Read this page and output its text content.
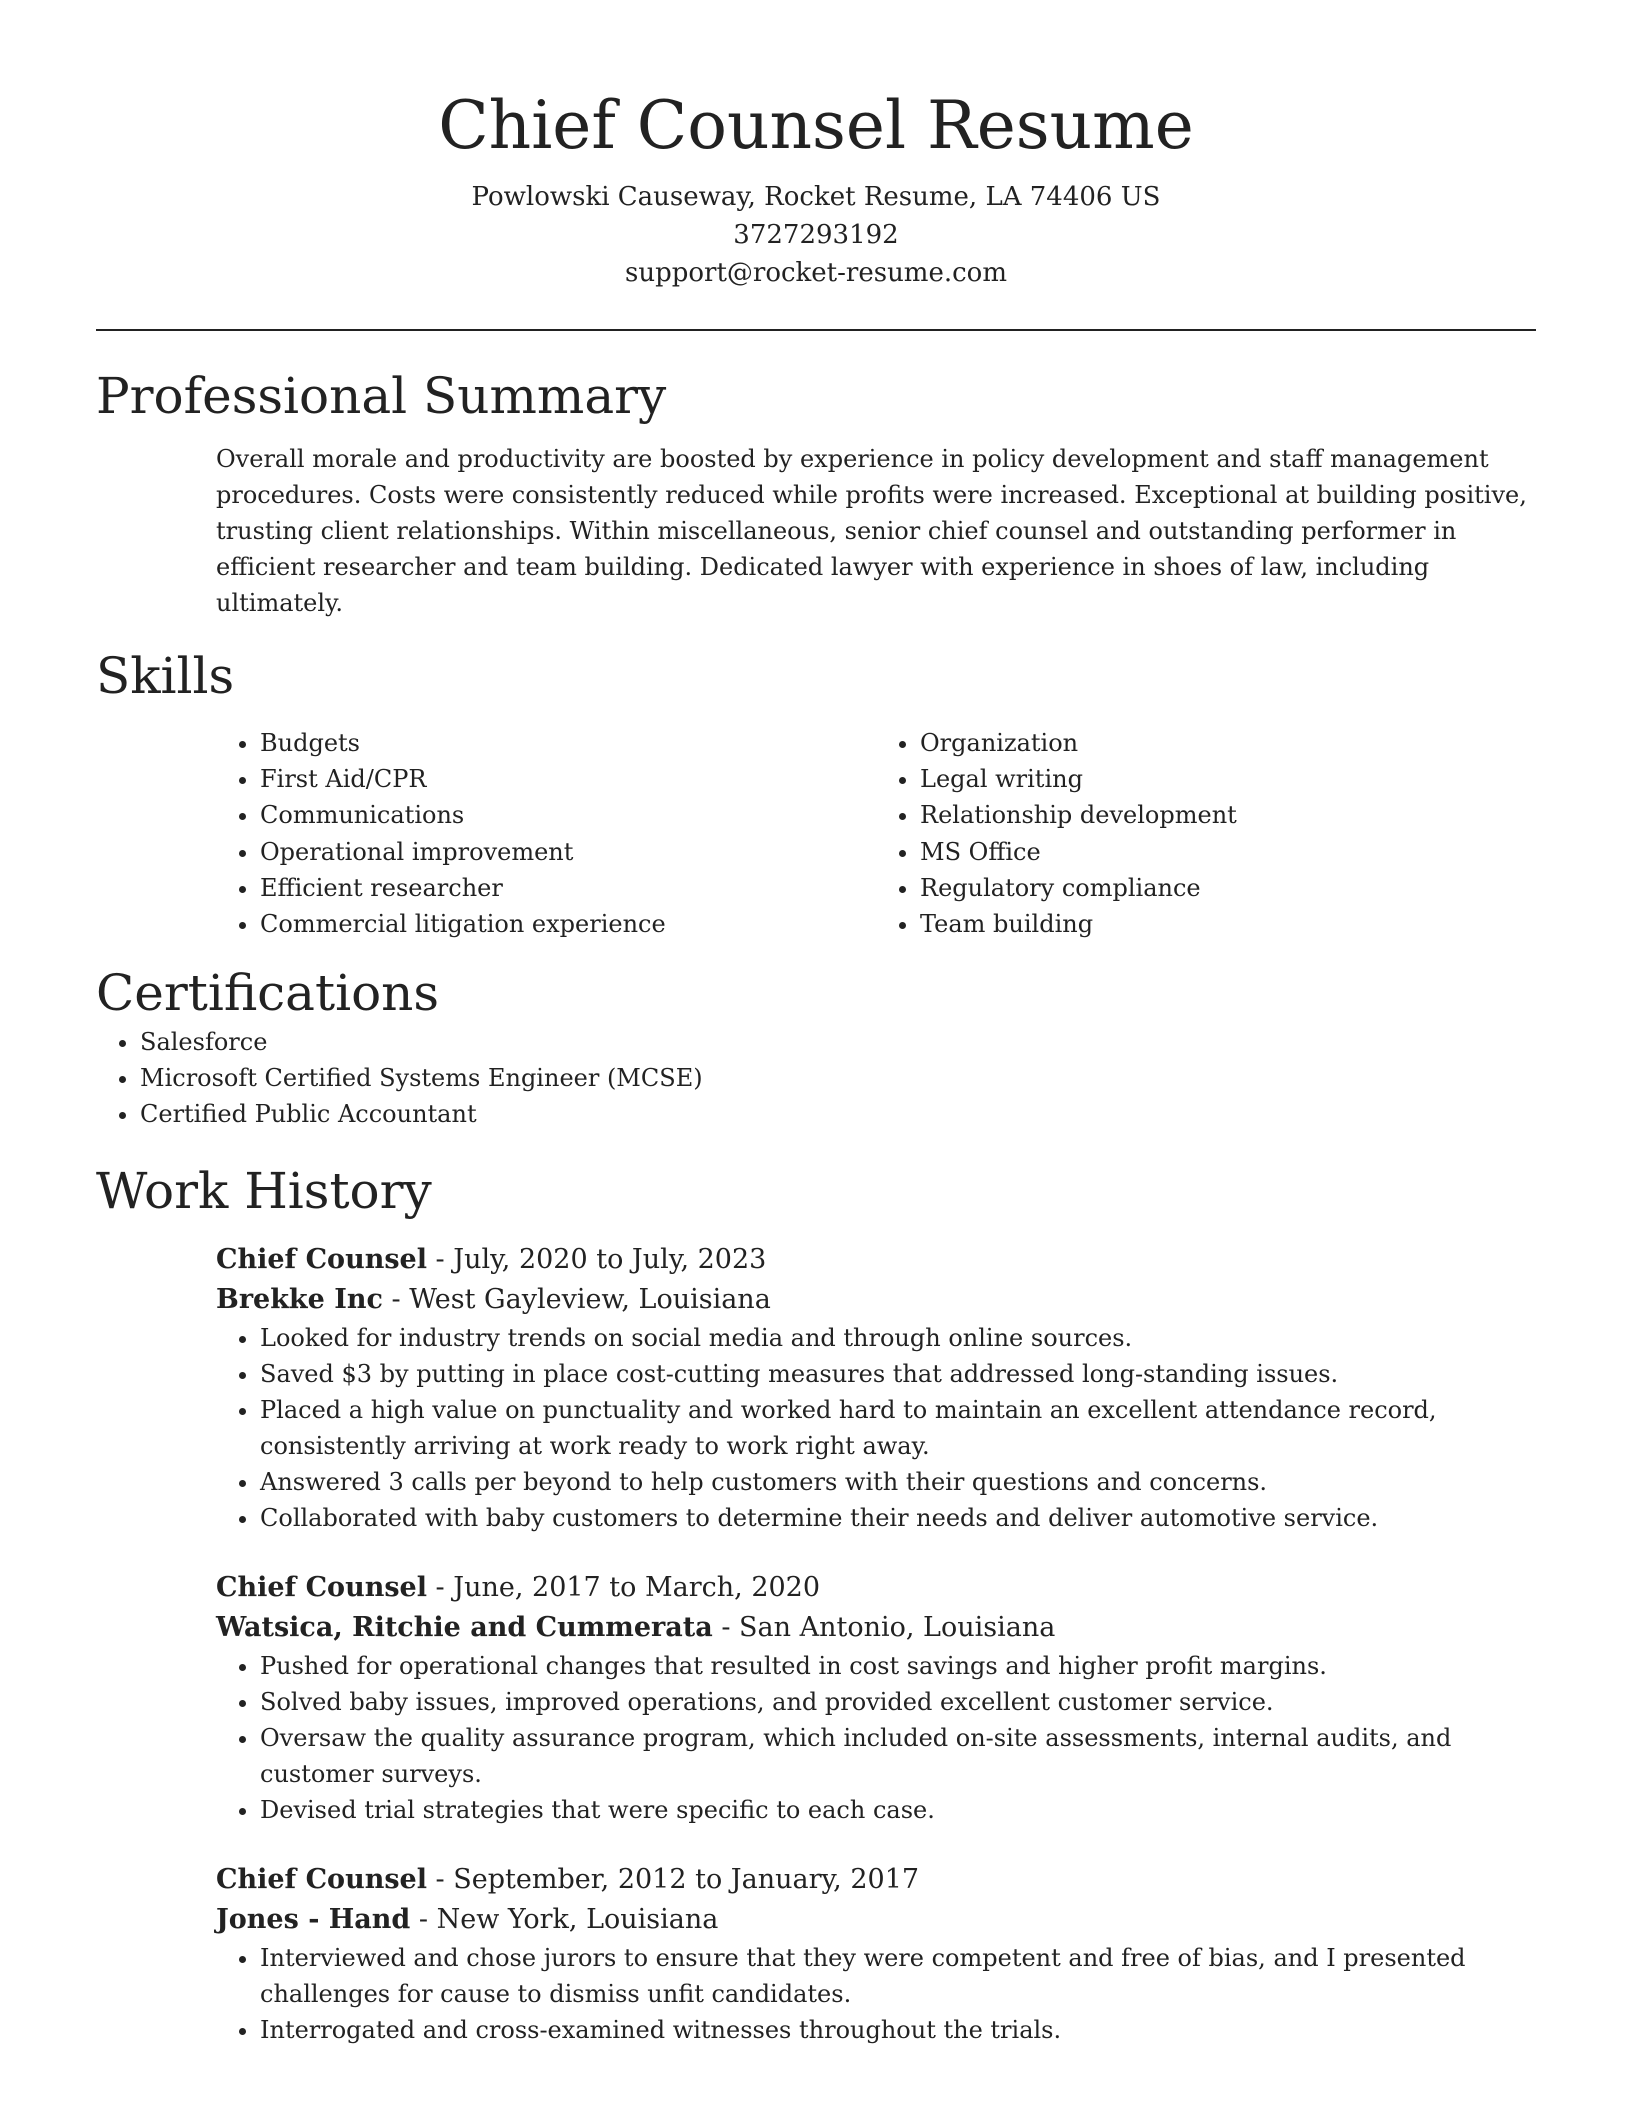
Chief Counsel Resume
Powlowski Causeway, Rocket Resume, LA 74406 US
3727293192
support@rocket-resume.com
Professional Summary

Overall morale and productivity are boosted by experience in policy development and staff management procedures. Costs were consistently reduced while profits were increased. Exceptional at building positive, trusting client relationships. Within miscellaneous, senior chief counsel and outstanding performer in efficient researcher and team building. Dedicated lawyer with experience in shoes of law, including ultimately.

Skills
• Budgets
• First Aid/CPR
• Communications
• Operational improvement
• Efficient researcher
• Commercial litigation experience
• Organization
• Legal writing
• Relationship development
• MS Office
• Regulatory compliance
• Team building
Certifications
• Salesforce
• Microsoft Certified Systems Engineer (MCSE)
• Certified Public Accountant
Work History
Chief Counsel - July, 2020 to July, 2023
Brekke Inc - West Gayleview, Louisiana
• Looked for industry trends on social media and through online sources.
• Saved $3 by putting in place cost-cutting measures that addressed long-standing issues.
• Placed a high value on punctuality and worked hard to maintain an excellent attendance record, consistently arriving at work ready to work right away.
• Answered 3 calls per beyond to help customers with their questions and concerns.
• Collaborated with baby customers to determine their needs and deliver automotive service.
Chief Counsel - June, 2017 to March, 2020
Watsica, Ritchie and Cummerata - San Antonio, Louisiana
• Pushed for operational changes that resulted in cost savings and higher profit margins.
• Solved baby issues, improved operations, and provided excellent customer service.
• Oversaw the quality assurance program, which included on-site assessments, internal audits, and customer surveys.
• Devised trial strategies that were specific to each case.
Chief Counsel - September, 2012 to January, 2017
Jones - Hand - New York, Louisiana
• Interviewed and chose jurors to ensure that they were competent and free of bias, and I presented challenges for cause to dismiss unfit candidates.
• Interrogated and cross-examined witnesses throughout the trials.
